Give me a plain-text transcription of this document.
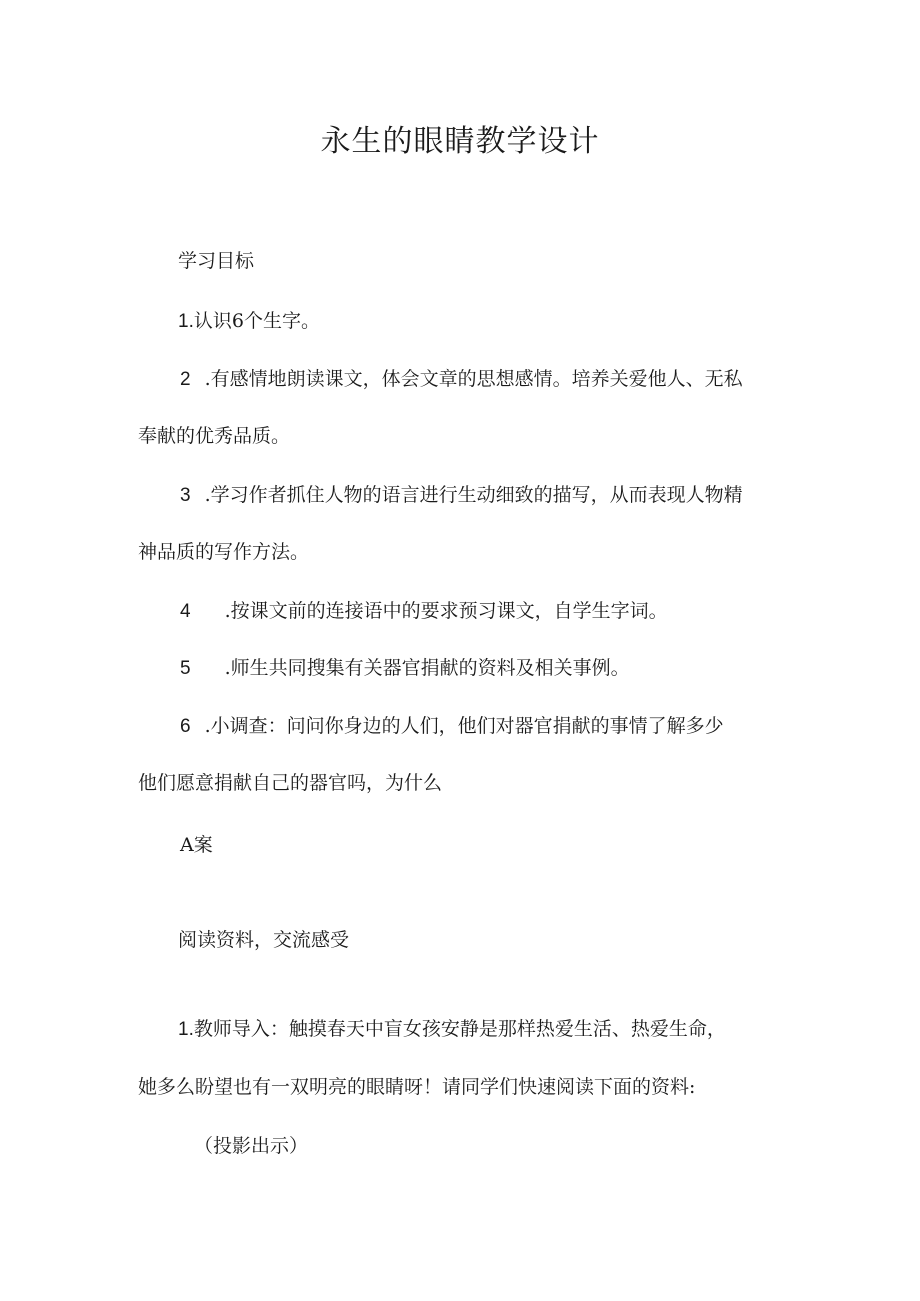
永生的眼睛教学设计

学习目标

1.认识6个生字。

2 .有感情地朗读课文，体会文章的思想感情。培养关爱他人、无私

奉献的优秀品质。

3 .学习作者抓住人物的语言进行生动细致的描写，从而表现人物精

神品质的写作方法。

4 .按课文前的连接语中的要求预习课文，自学生字词。

5 .师生共同搜集有关器官捐献的资料及相关事例。

6 .小调查：问问你身边的人们，他们对器官捐献的事情了解多少

他们愿意捐献自己的器官吗，为什么

A案

阅读资料，交流感受

1.教师导入：触摸春天中盲女孩安静是那样热爱生活、热爱生命，

她多么盼望也有一双明亮的眼睛呀！请同学们快速阅读下面的资料:

（投影出示）
